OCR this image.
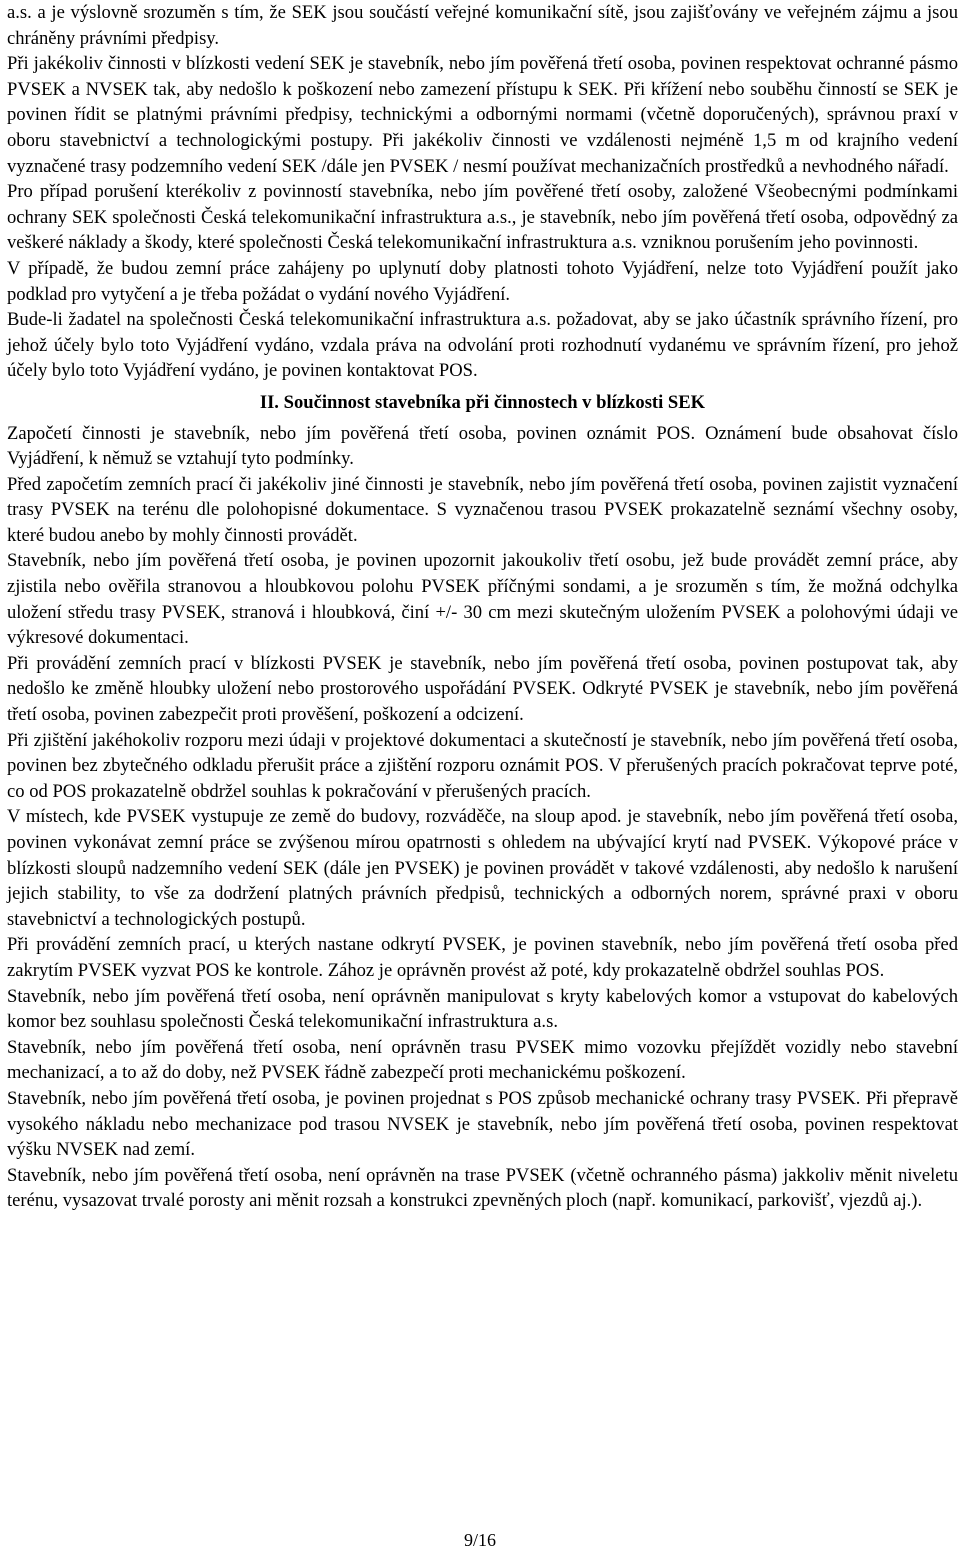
a.s. a je výslovně srozuměn s tím, že SEK jsou součástí veřejné komunikační sítě, jsou zajišťovány ve veřejném zájmu a jsou chráněny právními předpisy.

Při jakékoliv činnosti v blízkosti vedení SEK je stavebník, nebo jím pověřená třetí osoba, povinen respektovat ochranné pásmo PVSEK a NVSEK tak, aby nedošlo k poškození nebo zamezení přístupu k SEK. Při křížení nebo souběhu činností se SEK je povinen řídit se platnými právními předpisy, technickými a odbornými normami (včetně doporučených), správnou praxí v oboru stavebnictví a technologickými postupy. Při jakékoliv činnosti ve vzdálenosti nejméně 1,5 m od krajního vedení vyznačené trasy podzemního vedení SEK /dále jen PVSEK / nesmí používat mechanizačních prostředků a nevhodného nářadí.

Pro případ porušení kterékoliv z povinností stavebníka, nebo jím pověřené třetí osoby, založené Všeobecnými podmínkami ochrany SEK společnosti Česká telekomunikační infrastruktura a.s., je stavebník, nebo jím pověřená třetí osoba, odpovědný za veškeré náklady a škody, které společnosti Česká telekomunikační infrastruktura a.s. vzniknou porušením jeho povinnosti.

V případě, že budou zemní práce zahájeny po uplynutí doby platnosti tohoto Vyjádření, nelze toto Vyjádření použít jako podklad pro vytyčení a je třeba požádat o vydání nového Vyjádření.

Bude-li žadatel na společnosti Česká telekomunikační infrastruktura a.s. požadovat, aby se jako účastník správního řízení, pro jehož účely bylo toto Vyjádření vydáno, vzdala práva na odvolání proti rozhodnutí vydanému ve správním řízení, pro jehož účely bylo toto Vyjádření vydáno, je povinen kontaktovat POS.

II. Součinnost stavebníka při činnostech v blízkosti SEK

Započetí činnosti je stavebník, nebo jím pověřená třetí osoba, povinen oznámit POS. Oznámení bude obsahovat číslo Vyjádření, k němuž se vztahují tyto podmínky.

Před započetím zemních prací či jakékoliv jiné činnosti je stavebník, nebo jím pověřená třetí osoba, povinen zajistit vyznačení trasy PVSEK na terénu dle polohopisné dokumentace. S vyznačenou trasou PVSEK prokazatelně seznámí všechny osoby, které budou anebo by mohly činnosti provádět.

Stavebník, nebo jím pověřená třetí osoba, je povinen upozornit jakoukoliv třetí osobu, jež bude provádět zemní práce, aby zjistila nebo ověřila stranovou a hloubkovou polohu PVSEK příčnými sondami, a je srozuměn s tím, že možná odchylka uložení středu trasy PVSEK, stranová i hloubková, činí +/- 30 cm mezi skutečným uložením PVSEK a polohovými údaji ve výkresové dokumentaci.

Při provádění zemních prací v blízkosti PVSEK je stavebník, nebo jím pověřená třetí osoba, povinen postupovat tak, aby nedošlo ke změně hloubky uložení nebo prostorového uspořádání PVSEK. Odkryté PVSEK je stavebník, nebo jím pověřená třetí osoba, povinen zabezpečit proti prověšení, poškození a odcizení.

Při zjištění jakéhokoliv rozporu mezi údaji v projektové dokumentaci a skutečností je stavebník, nebo jím pověřená třetí osoba, povinen bez zbytečného odkladu přerušit práce a zjištění rozporu oznámit POS. V přerušených pracích pokračovat teprve poté, co od POS prokazatelně obdržel souhlas k pokračování v přerušených pracích.

V místech, kde PVSEK vystupuje ze země do budovy, rozváděče, na sloup apod. je stavebník, nebo jím pověřená třetí osoba, povinen vykonávat zemní práce se zvýšenou mírou opatrnosti s ohledem na ubývající krytí nad PVSEK. Výkopové práce v blízkosti sloupů nadzemního vedení SEK (dále jen PVSEK) je povinen provádět v takové vzdálenosti, aby nedošlo k narušení jejich stability, to vše za dodržení platných právních předpisů, technických a odborných norem, správné praxi v oboru stavebnictví a technologických postupů.

Při provádění zemních prací, u kterých nastane odkrytí PVSEK, je povinen stavebník, nebo jím pověřená třetí osoba před zakrytím PVSEK vyzvat POS ke kontrole. Zához je oprávněn provést až poté, kdy prokazatelně obdržel souhlas POS.

Stavebník, nebo jím pověřená třetí osoba, není oprávněn manipulovat s kryty kabelových komor a vstupovat do kabelových komor bez souhlasu společnosti Česká telekomunikační infrastruktura a.s.

Stavebník, nebo jím pověřená třetí osoba, není oprávněn trasu PVSEK mimo vozovku přejíždět vozidly nebo stavební mechanizací, a to až do doby, než PVSEK řádně zabezpečí proti mechanickému poškození.

Stavebník, nebo jím pověřená třetí osoba, je povinen projednat s POS způsob mechanické ochrany trasy PVSEK. Při přepravě vysokého nákladu nebo mechanizace pod trasou NVSEK je stavebník, nebo jím pověřená třetí osoba, povinen respektovat výšku NVSEK nad zemí.

Stavebník, nebo jím pověřená třetí osoba, není oprávněn na trase PVSEK (včetně ochranného pásma) jakkoliv měnit niveletu terénu, vysazovat trvalé porosty ani měnit rozsah a konstrukci zpevněných ploch (např. komunikací, parkovišť, vjezdů aj.).

9/16
